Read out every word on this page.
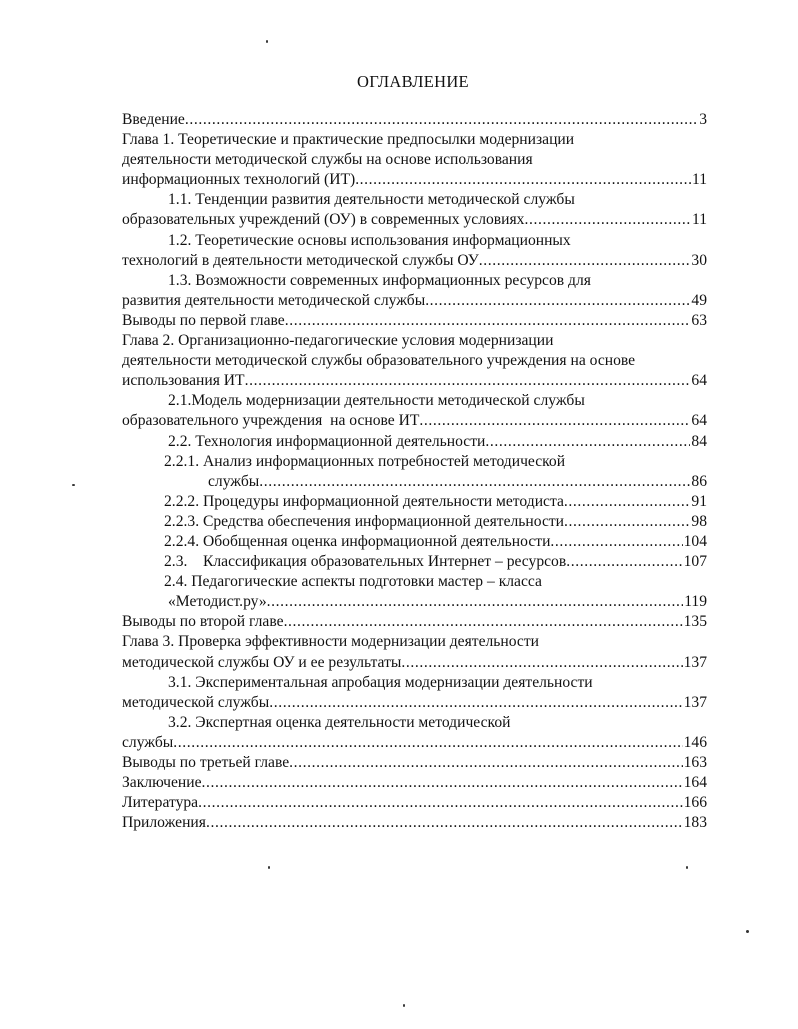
ОГЛАВЛЕНИЕ
Введение .....	3
Глава 1. Теоретические и практические предпосылки модернизации
деятельности методической службы на основе использования
информационных технологий (ИТ) .....	11
1.1. Тенденции развития деятельности методической службы
образовательных учреждений (ОУ) в современных условиях .....	11
1.2. Теоретические основы использования информационных
технологий в деятельности методической службы ОУ .....	30
1.3. Возможности современных информационных ресурсов для
развития деятельности методической службы .....	49
Выводы по первой главе .....	63
Глава 2. Организационно-педагогические условия модернизации
деятельности методической службы образовательного учреждения на основе
использования ИТ .....	64
2.1.Модель модернизации деятельности методической службы
образовательного учреждения  на основе ИТ .....	64
2.2. Технология информационной деятельности .....	84
2.2.1. Анализ информационных потребностей методической
службы .....	86
2.2.2. Процедуры информационной деятельности методиста .....	91
2.2.3. Средства обеспечения информационной деятельности .....	98
2.2.4. Обобщенная оценка информационной деятельности .....	104
2.3.    Классификация образовательных Интернет – ресурсов .....	107
2.4. Педагогические аспекты подготовки мастер – класса
«Методист.ру» .....	119
Выводы по второй главе .....	135
Глава 3. Проверка эффективности модернизации деятельности
методической службы ОУ и ее результаты .....	137
3.1. Экспериментальная апробация модернизации деятельности
методической службы .....	137
3.2. Экспертная оценка деятельности методической
службы .....	146
Выводы по третьей главе .....	163
Заключение .....	164
Литература .....	166
Приложения .....	183
